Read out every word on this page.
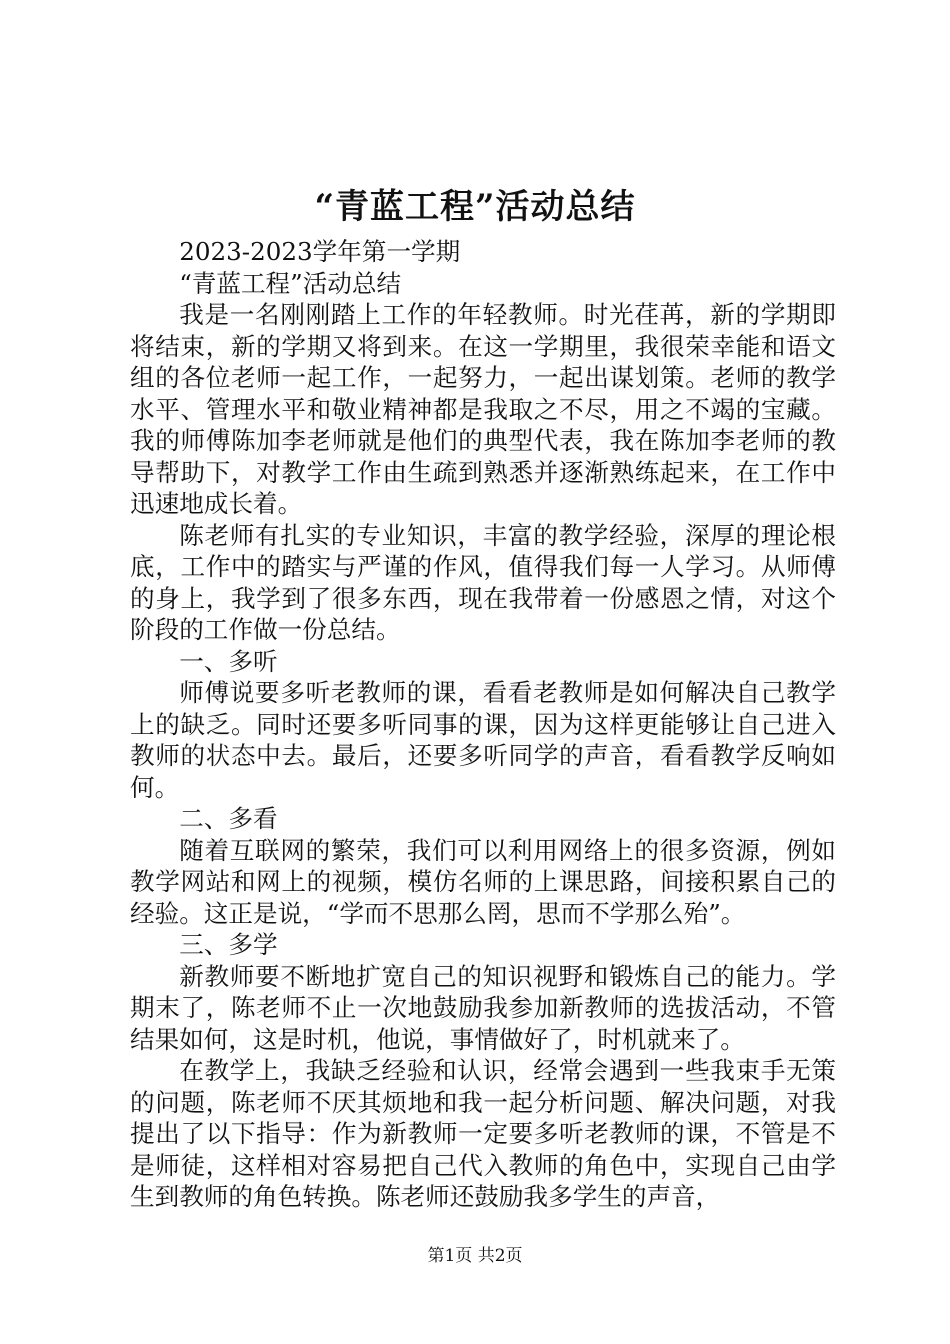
“青蓝工程”活动总结

2023-2023学年第一学期

“青蓝工程”活动总结

我是一名刚刚踏上工作的年轻教师。时光荏苒，新的学期即将结束，新的学期又将到来。在这一学期里，我很荣幸能和语文组的各位老师一起工作，一起努力，一起出谋划策。老师的教学水平、管理水平和敬业精神都是我取之不尽，用之不竭的宝藏。我的师傅陈加李老师就是他们的典型代表，我在陈加李老师的教导帮助下，对教学工作由生疏到熟悉并逐渐熟练起来，在工作中迅速地成长着。

陈老师有扎实的专业知识，丰富的教学经验，深厚的理论根底，工作中的踏实与严谨的作风，值得我们每一人学习。从师傅的身上，我学到了很多东西，现在我带着一份感恩之情，对这个阶段的工作做一份总结。

一、多听

师傅说要多听老教师的课，看看老教师是如何解决自己教学上的缺乏。同时还要多听同事的课，因为这样更能够让自己进入教师的状态中去。最后，还要多听同学的声音，看看教学反响如何。

二、多看

随着互联网的繁荣，我们可以利用网络上的很多资源，例如教学网站和网上的视频，模仿名师的上课思路，间接积累自己的经验。这正是说，“学而不思那么罔，思而不学那么殆”。

三、多学

新教师要不断地扩宽自己的知识视野和锻炼自己的能力。学期末了，陈老师不止一次地鼓励我参加新教师的选拔活动，不管结果如何，这是时机，他说，事情做好了，时机就来了。

在教学上，我缺乏经验和认识，经常会遇到一些我束手无策的问题，陈老师不厌其烦地和我一起分析问题、解决问题，对我提出了以下指导：作为新教师一定要多听老教师的课，不管是不是师徒，这样相对容易把自己代入教师的角色中，实现自己由学生到教师的角色转换。陈老师还鼓励我多学生的声音，

第1页 共2页
